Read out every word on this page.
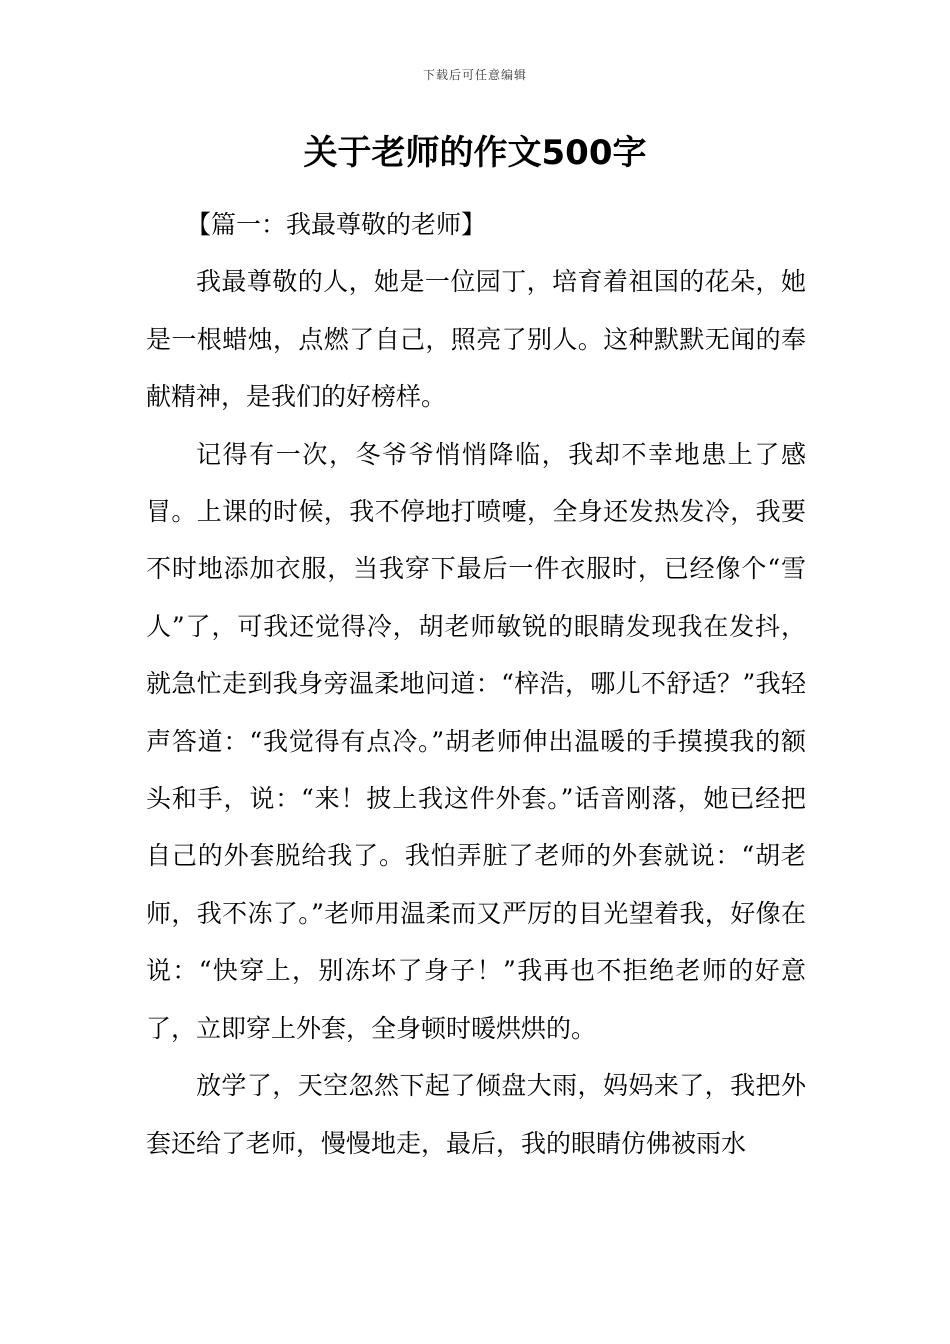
下载后可任意编辑
关于老师的作文500字
【篇一：我最尊敬的老师】

我最尊敬的人，她是一位园丁，培育着祖国的花朵，她是一根蜡烛，点燃了自己，照亮了别人。这种默默无闻的奉献精神，是我们的好榜样。

记得有一次，冬爷爷悄悄降临，我却不幸地患上了感冒。上课的时候，我不停地打喷嚏，全身还发热发冷，我要不时地添加衣服，当我穿下最后一件衣服时，已经像个“雪人”了，可我还觉得冷，胡老师敏锐的眼睛发现我在发抖，就急忙走到我身旁温柔地问道：“梓浩，哪儿不舒适？”我轻声答道：“我觉得有点冷。”胡老师伸出温暖的手摸摸我的额头和手，说：“来！披上我这件外套。”话音刚落，她已经把自己的外套脱给我了。我怕弄脏了老师的外套就说：“胡老师，我不冻了。”老师用温柔而又严厉的目光望着我，好像在说：“快穿上，别冻坏了身子！”我再也不拒绝老师的好意了，立即穿上外套，全身顿时暖烘烘的。

放学了，天空忽然下起了倾盘大雨，妈妈来了，我把外套还给了老师，慢慢地走，最后，我的眼睛仿佛被雨水
